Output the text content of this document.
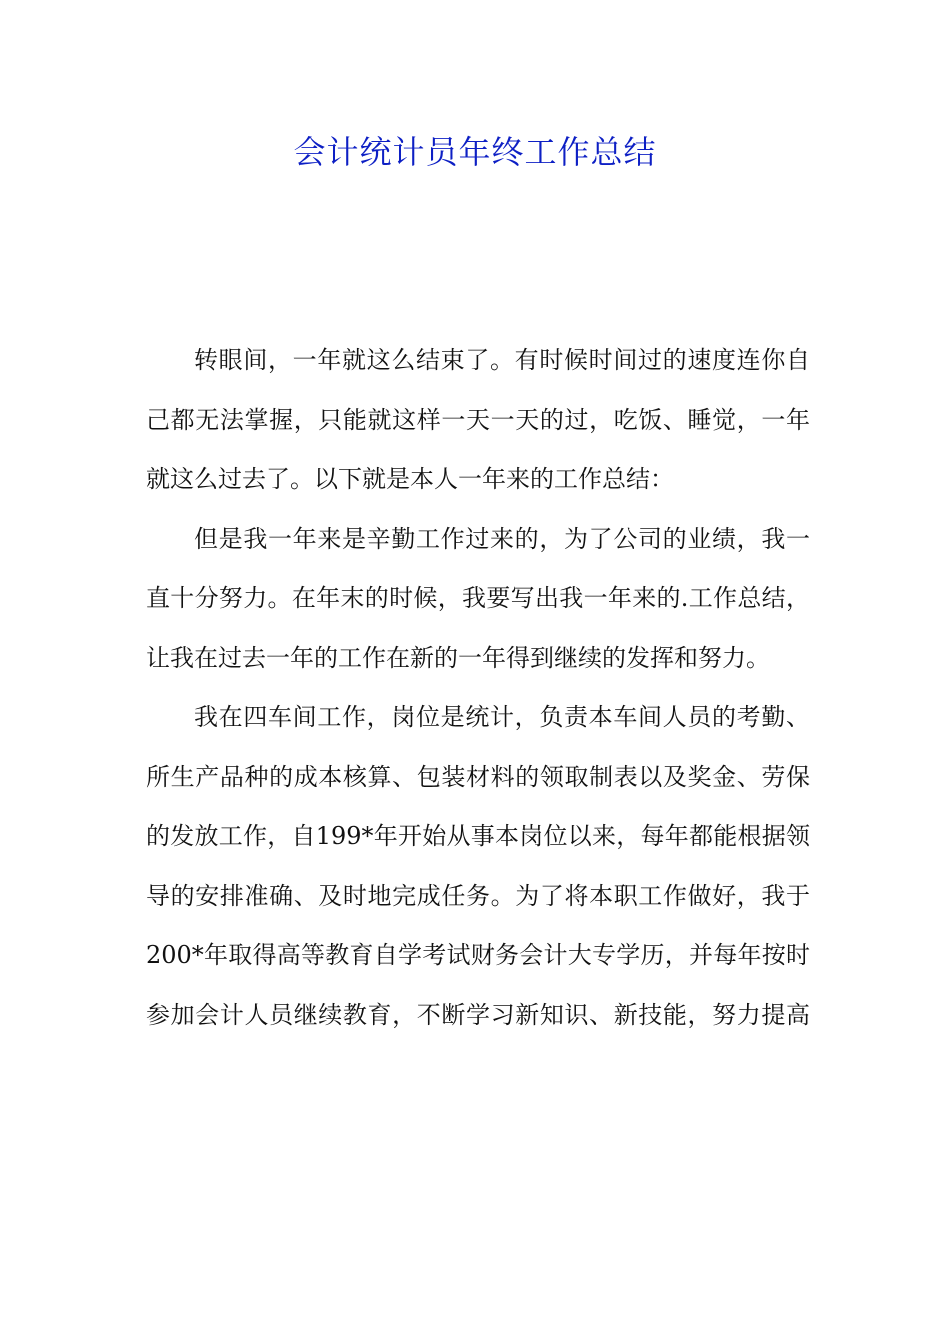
会计统计员年终工作总结
转眼间，一年就这么结束了。有时候时间过的速度连你自
己都无法掌握，只能就这样一天一天的过，吃饭、睡觉，一年
就这么过去了。以下就是本人一年来的工作总结：
但是我一年来是辛勤工作过来的，为了公司的业绩，我一
直十分努力。在年末的时候，我要写出我一年来的.工作总结，
让我在过去一年的工作在新的一年得到继续的发挥和努力。
我在四车间工作，岗位是统计，负责本车间人员的考勤、
所生产品种的成本核算、包装材料的领取制表以及奖金、劳保
的发放工作，自199*年开始从事本岗位以来，每年都能根据领
导的安排准确、及时地完成任务。为了将本职工作做好，我于
200*年取得高等教育自学考试财务会计大专学历，并每年按时
参加会计人员继续教育，不断学习新知识、新技能，努力提高
